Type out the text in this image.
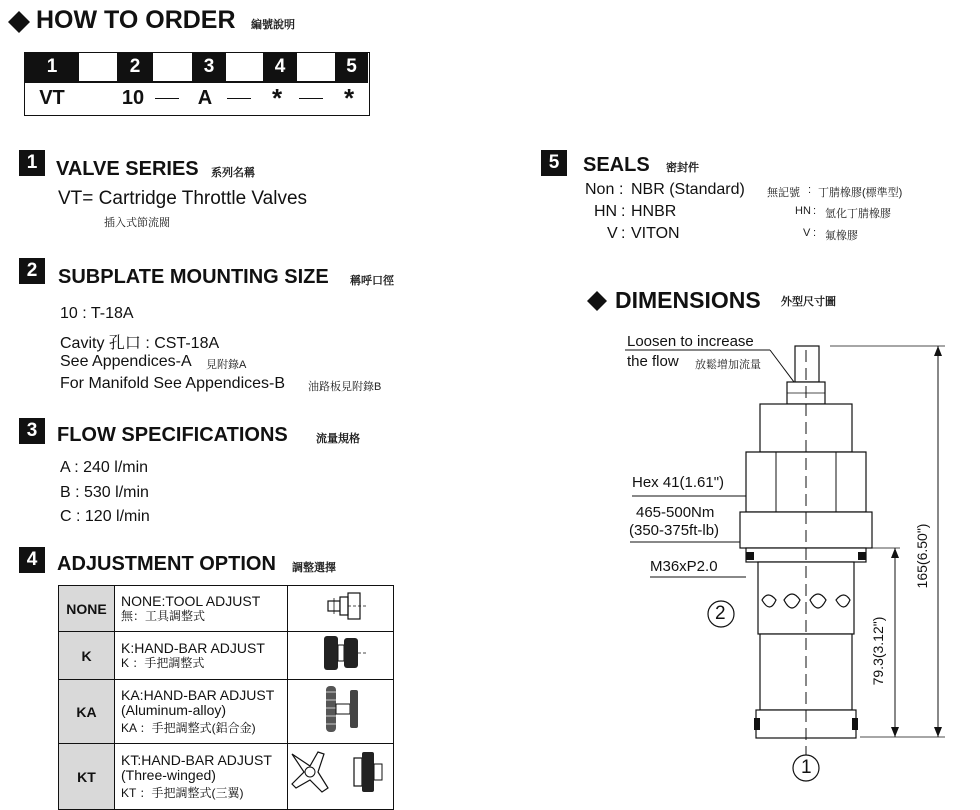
HOW TO ORDER 編號說明
1	2	3	4	5
VT	10	A	*	*
1 VALVE SERIES 系列名稱
VT= Cartridge Throttle Valves
插入式節流閥
2	SUBPLATE MOUNTING SIZE 稱呼口徑
10 : T-18A
Cavity 孔口 : CST-18A
See Appendices-A 見附錄A
For Manifold See Appendices-B 油路板見附錄B
3 FLOW SPECIFICATIONS	流量規格
A : 240 l/min
B : 530 l/min
C : 120 l/min
4 ADJUSTMENT OPTION 調整選擇
NONE	NONE:TOOL ADJUST
無：工具調整式

K	K:HAND-BAR ADJUST
K ：手把調整式

KA	KA:HAND-BAR ADJUST
(Aluminum-alloy)
KA ：手把調整式(鋁合金)

KT	KT:HAND-BAR ADJUST
(Three-winged)
KT ：手把調整式(三翼)

5	SEALS 密封件
Non : NBR (Standard) 無記號 : 丁腈橡膠(標準型)
HN : HNBR	HN : 氫化丁腈橡膠
V : VITON	V : 氟橡膠
DIMENSIONS 外型尺寸圖
Loosen to increase
the flow 放鬆增加流量
Hex 41(1.61")
465-500Nm
(350-375ft-lb)
M36xP2.0
2
1
165(6.50")
79.3(3.12")
